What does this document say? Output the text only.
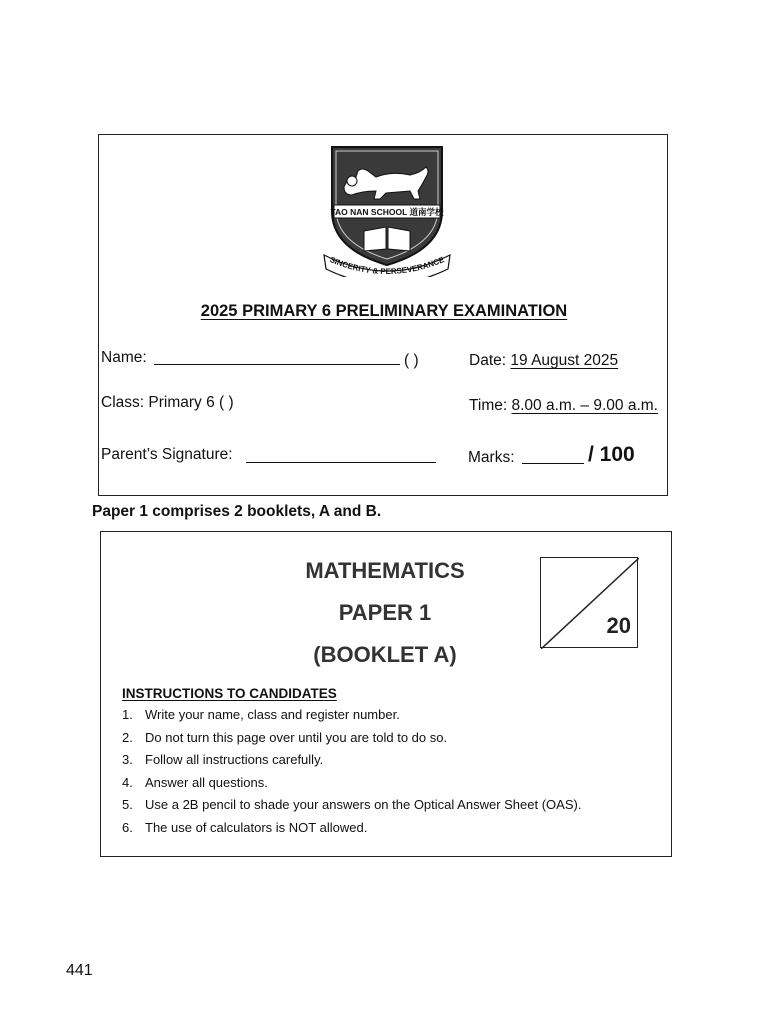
TAO NAN SCHOOL 道南学校
SINCERITY & PERSEVERANCE
2025 PRIMARY 6 PRELIMINARY EXAMINATION
Name:	( )	Date: 19 August 2025
Class: Primary 6 ( )	Time: 8.00 a.m. – 9.00 a.m.
Parent’s Signature:	Marks:	/ 100
Paper 1 comprises 2 booklets, A and B.
MATHEMATICS
PAPER 1
(BOOKLET A)
20
INSTRUCTIONS TO CANDIDATES
1. Write your name, class and register number.
2. Do not turn this page over until you are told to do so.
3. Follow all instructions carefully.
4. Answer all questions.
5. Use a 2B pencil to shade your answers on the Optical Answer Sheet (OAS).
6. The use of calculators is NOT allowed.
441
